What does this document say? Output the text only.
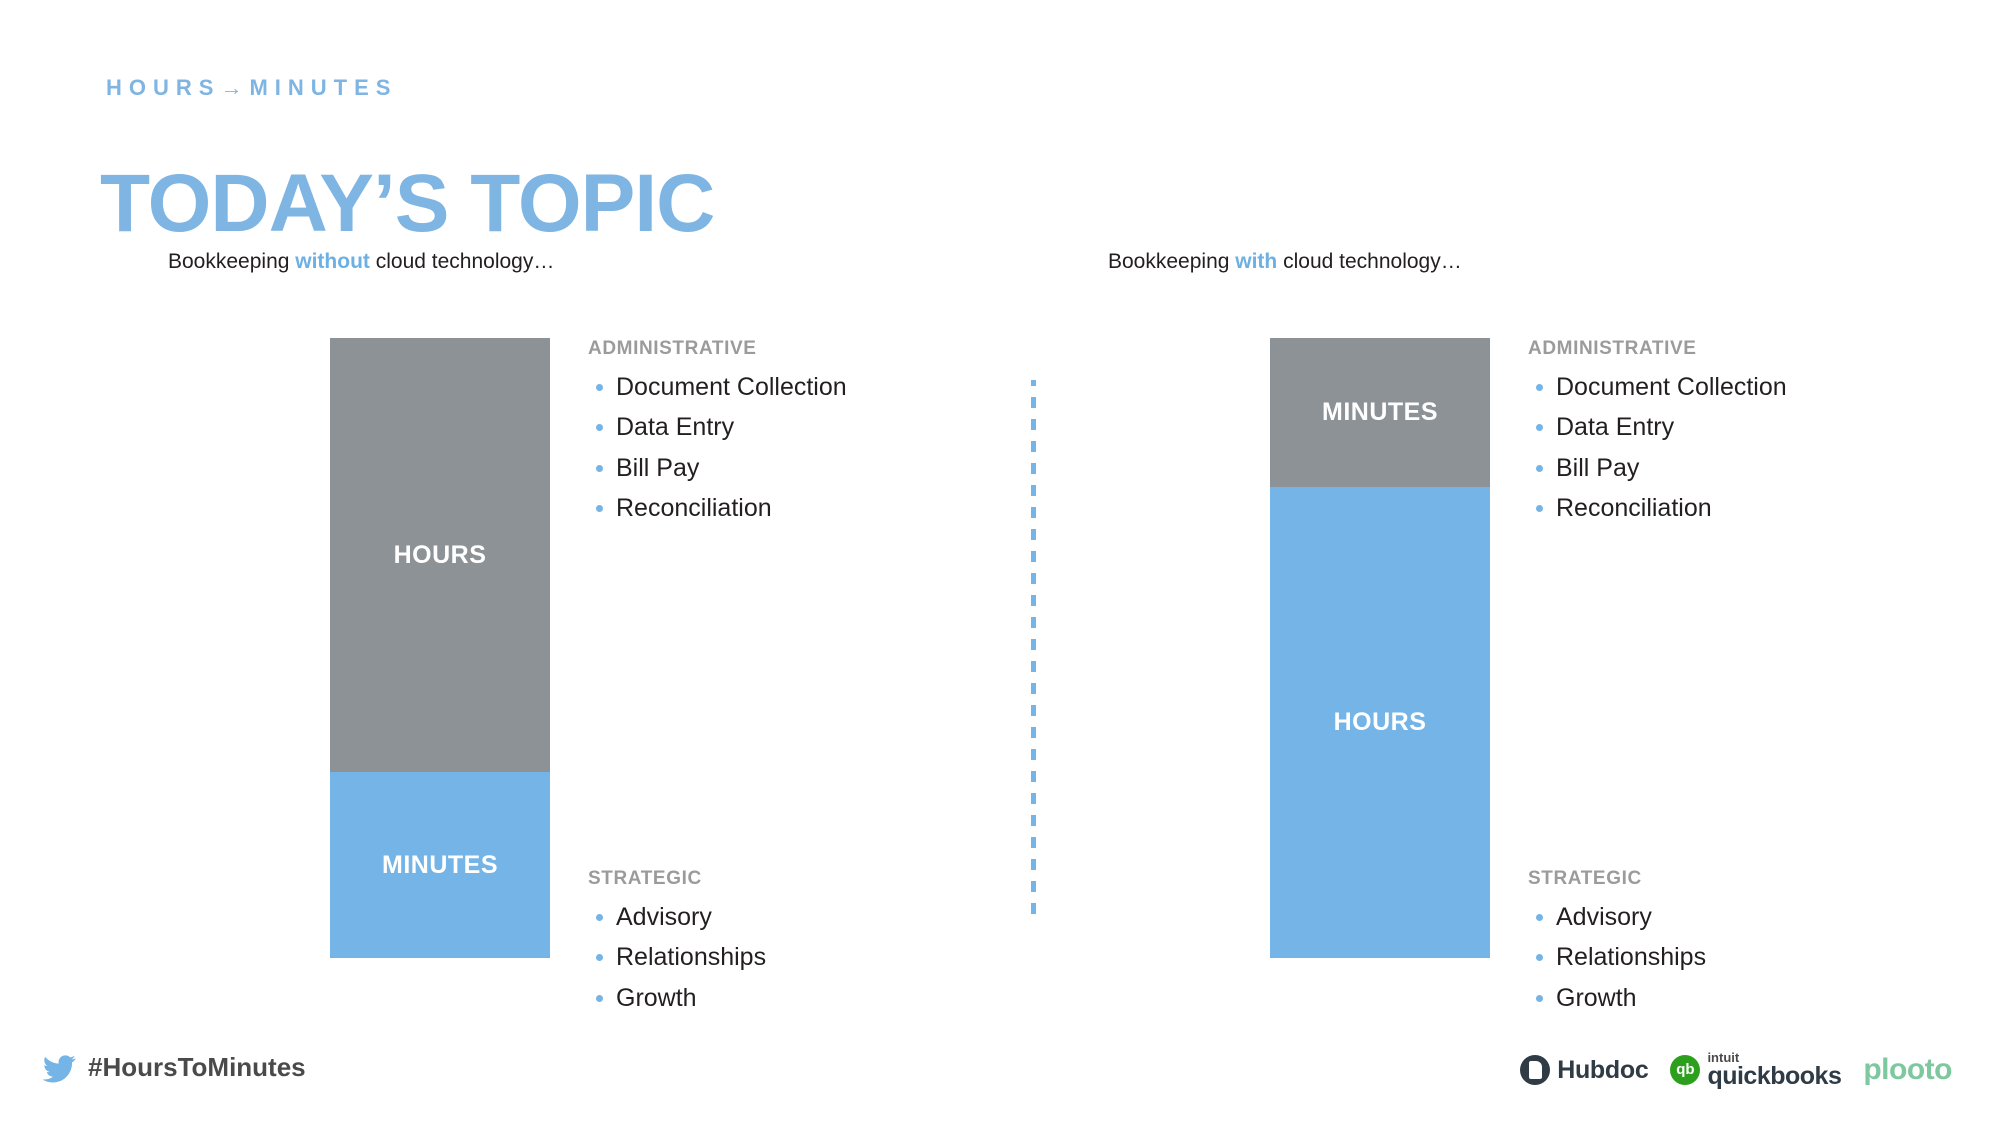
HOURS→MINUTES
TODAY’S TOPIC
Bookkeeping without cloud technology…
HOURS
MINUTES
ADMINISTRATIVE
Document Collection
Data Entry
Bill Pay
Reconciliation
STRATEGIC
Advisory
Relationships
Growth
Bookkeeping with cloud technology…
MINUTES
HOURS
ADMINISTRATIVE
Document Collection
Data Entry
Bill Pay
Reconciliation
STRATEGIC
Advisory
Relationships
Growth
#HoursToMinutes	Hubdoc qb	intuit
quickbooks plooto
